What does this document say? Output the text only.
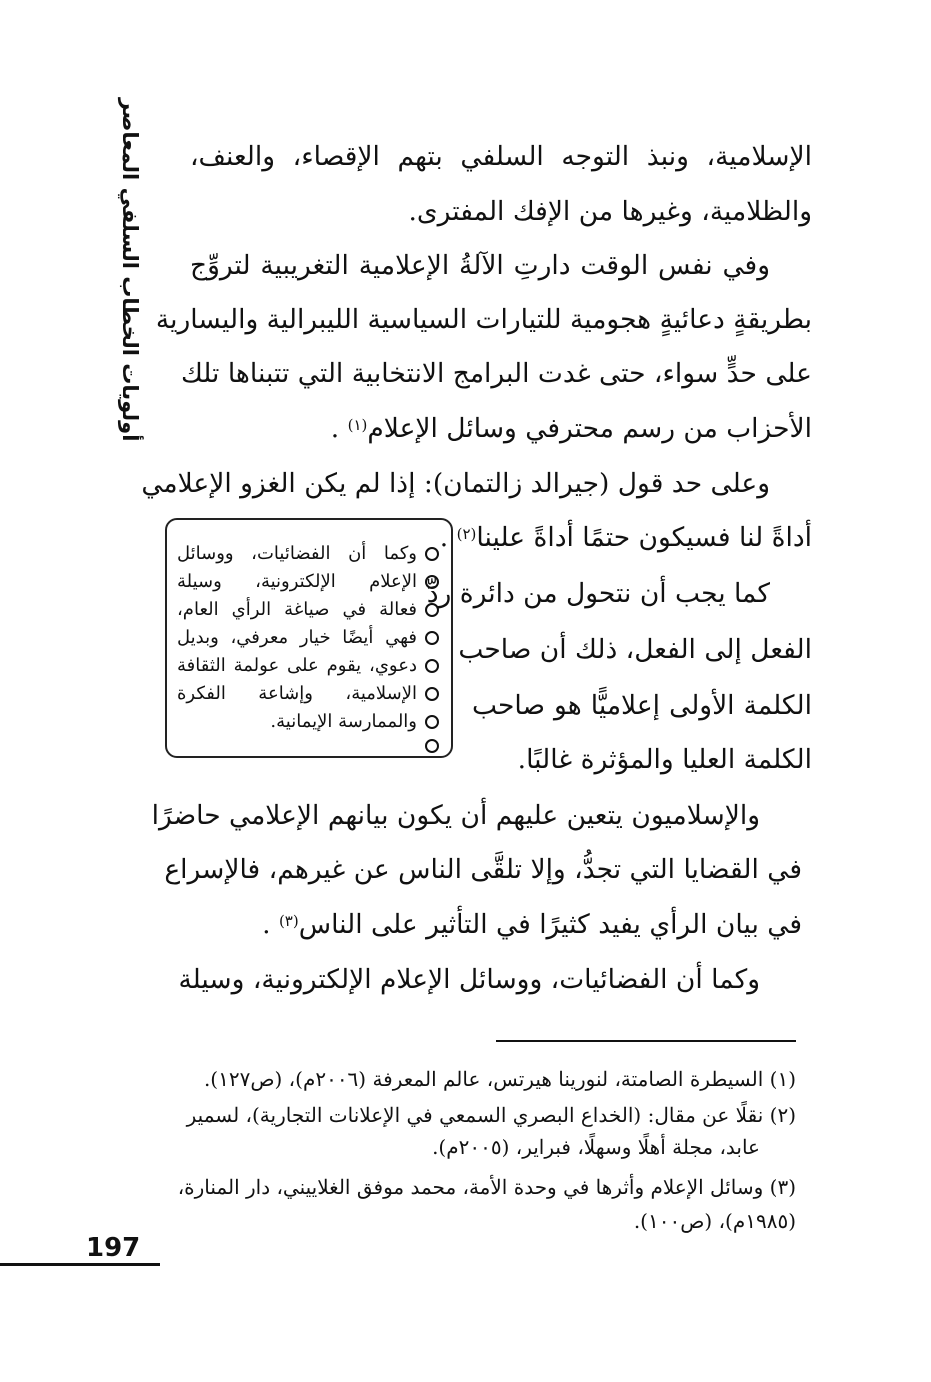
أولويات الخطاب السلفي المعاصر الإسلامية، ونبذ التوجه السلفي بتهم الإقصاء، والعنف،
والظلامية، وغيرها من الإفك المفترى.
وفي نفس الوقت دارتِ الآلةُ الإعلامية التغريبية لتروِّج
بطريقةٍ دعائيةٍ هجومية للتيارات السياسية الليبرالية واليسارية
على حدٍّ سواء، حتى غدت البرامج الانتخابية التي تتبناها تلك
الأحزاب من رسم محترفي وسائل الإعلام$^{(١)}$ .
وعلى حد قول (جيرالد زالتمان): إذا لم يكن الغزو الإعلامي
أداةً لنا فسيكون حتمًا أداةً علينا$^{(٢)}$ .
كما يجب أن نتحول من دائرة ردِّ
الفعل إلى الفعل، ذلك أن صاحب
الكلمة الأولى إعلاميًّا هو صاحب
الكلمة العليا والمؤثرة غالبًا.
وكما أن الفضائيات، ووسائل
الإعلام الإلكترونية، وسيلة
فعالة في صياغة الرأي العام،
فهي أيضًا خيار معرفي، وبديل
دعوي، يقوم على عولمة الثقافة
الإسلامية، وإشاعة الفكرة
والممارسة الإيمانية.
والإسلاميون يتعين عليهم أن يكون بيانهم الإعلامي حاضرًا
في القضايا التي تجدُّ، وإلا تلقَّى الناس عن غيرهم، فالإسراع
في بيان الرأي يفيد كثيرًا في التأثير على الناس$^{(٣)}$ .
وكما أن الفضائيات، ووسائل الإعلام الإلكترونية، وسيلة
(١) السيطرة الصامتة، لنورينا هيرتس، عالم المعرفة (٢٠٠٦م)، (ص١٢٧).
(٢) نقلًا عن مقال: (الخداع البصري السمعي في الإعلانات التجارية)، لسمير
عابد، مجلة أهلًا وسهلًا، فبراير، (٢٠٠٥م).
(٣) وسائل الإعلام وأثرها في وحدة الأمة، محمد موفق الغلاييني، دار المنارة،
(١٩٨٥م)، (ص١٠٠).
197
